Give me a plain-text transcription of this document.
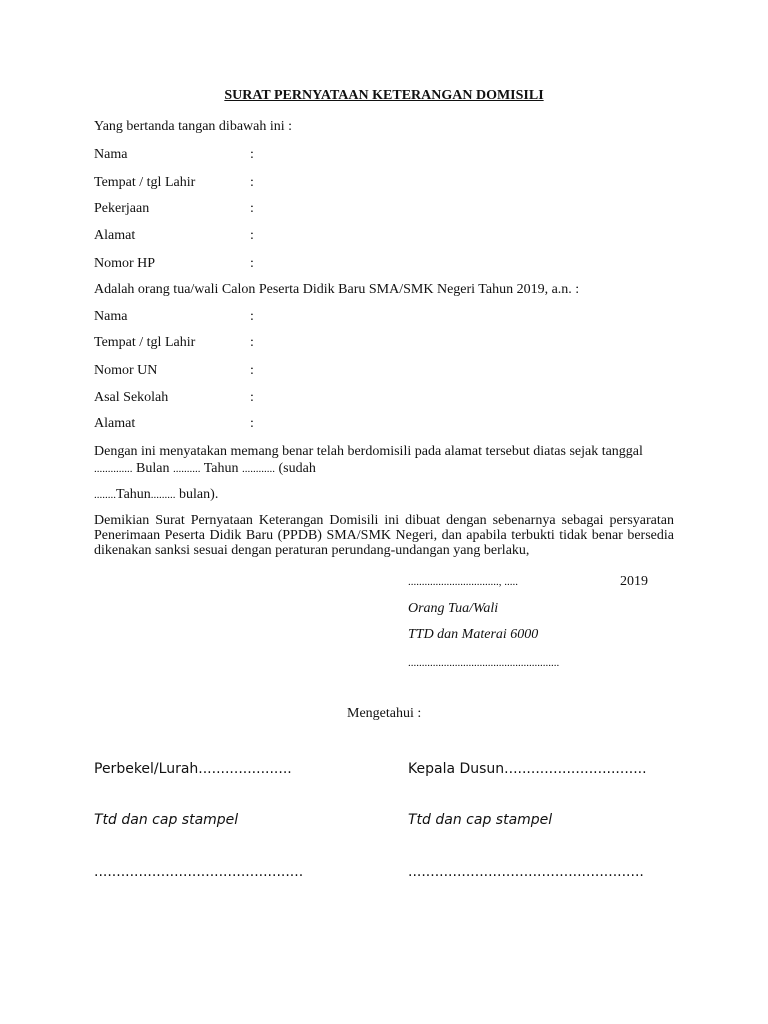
SURAT PERNYATAAN KETERANGAN DOMISILI
Yang bertanda tangan dibawah ini :
Nama	:
Tempat / tgl Lahir	:
Pekerjaan	:
Alamat	:
Nomor HP	:
Adalah orang tua/wali Calon Peserta Didik Baru SMA/SMK Negeri Tahun 2019, a.n. :
Nama	:
Tempat / tgl Lahir	:
Nomor UN	:
Asal Sekolah	:
Alamat	:
Dengan ini menyatakan memang benar telah berdomisili pada alamat tersebut diatas sejak tanggal
.............. Bulan .......... Tahun ............ (sudah
........Tahun......... bulan).
Demikian Surat Pernyataan Keterangan Domisili ini dibuat dengan sebenarnya sebagai persyaratan Penerimaan Peserta Didik Baru (PPDB) SMA/SMK Negeri, dan apabila terbukti tidak benar bersedia dikenakan sanksi sesuai dengan peraturan perundang-undangan yang berlaku,
................................., .....	2019
Orang Tua/Wali
TTD dan Materai 6000
.......................................................
Mengetahui :
Perbekel/Lurah.....................	Kepala Dusun................................
Ttd dan cap stampel	Ttd dan cap stampel
...............................................	.....................................................
